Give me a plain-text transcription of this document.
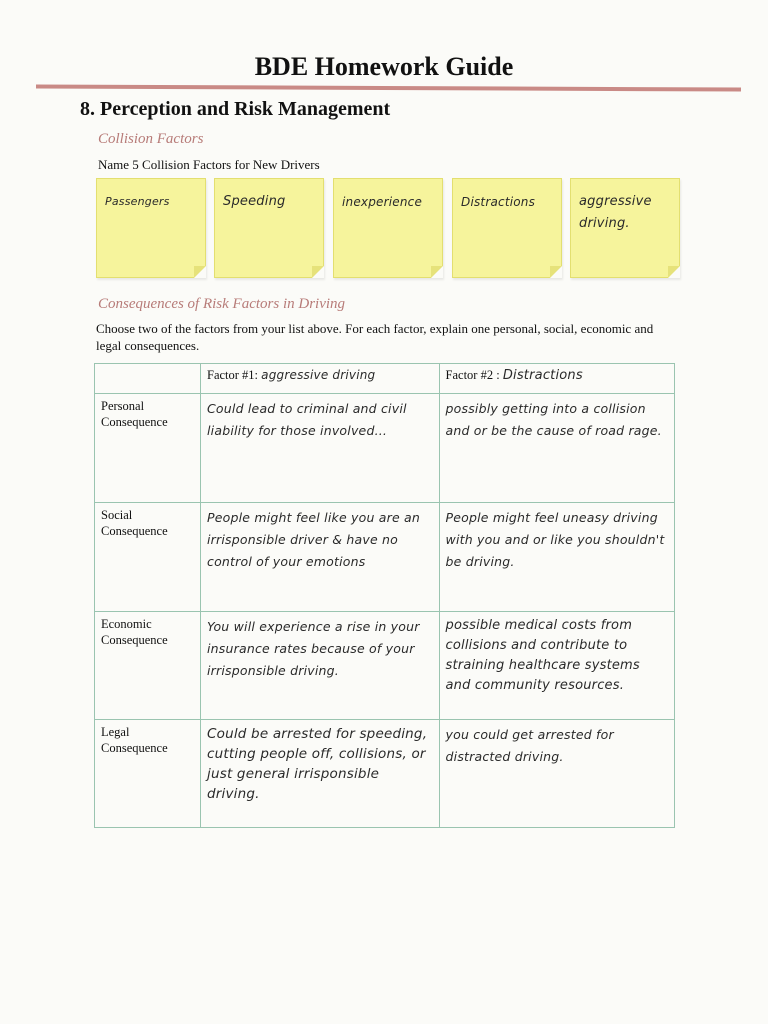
BDE Homework Guide
8. Perception and Risk Management
Collision Factors
Name 5 Collision Factors for New Drivers
Passengers	Speeding	inexperience	Distractions	aggressive driving.
Consequences of Risk Factors in Driving
Choose two of the factors from your list above. For each factor, explain one personal, social, economic and legal consequences.
	Factor #1: aggressive driving	Factor #2 : Distractions
Personal Consequence	Could lead to criminal and civil liability for those involved...	possibly getting into a collision and or be the cause of road rage.
Social Consequence	People might feel like you are an irrisponsible driver & have no control of your emotions	People might feel uneasy driving with you and or like you shouldn't be driving.
Economic Consequence	You will experience a rise in your insurance rates because of your irrisponsible driving.	possible medical costs from collisions and contribute to straining healthcare systems and community resources.
Legal Consequence	Could be arrested for speeding, cutting people off, collisions, or just general irrisponsible driving.	you could get arrested for distracted driving.
